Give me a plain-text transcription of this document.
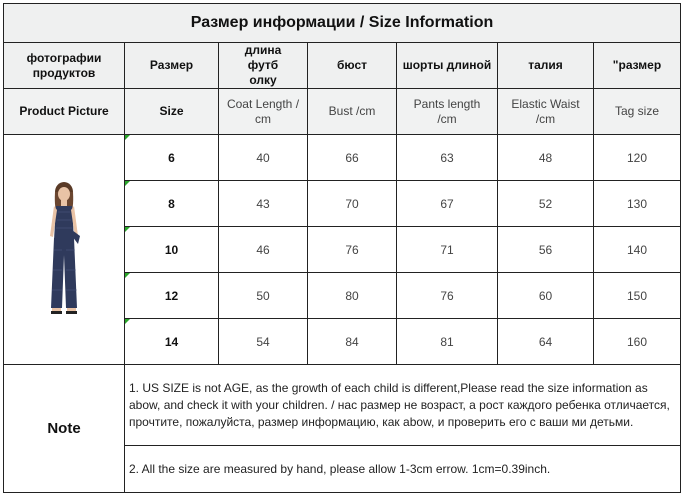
Размер информации / Size Information						
фотографии продуктов	Размер	длина футб олку	бюст	шорты длиной	талия	"размер
Product Picture	Size	Coat Length / cm	Bust /cm	Pants length /cm	Elastic Waist /cm	Tag size

	6	40	66	63	48	120
	8	43	70	67	52	130
	10	46	76	71	56	140
	12	50	80	76	60	150
	14	54	84	81	64	160
Note	1. US SIZE is not AGE, as the growth of each child is different,Please read the size information as abow, and check it with your children. / нас размер не возраст, а рост каждого ребенка отличается, прочтите, пожалуйста, размер информацию, как abow, и проверить его с ваши ми детьми.					
	2. All the size are measured by hand, please allow 1-3cm errow. 1cm=0.39inch.					
